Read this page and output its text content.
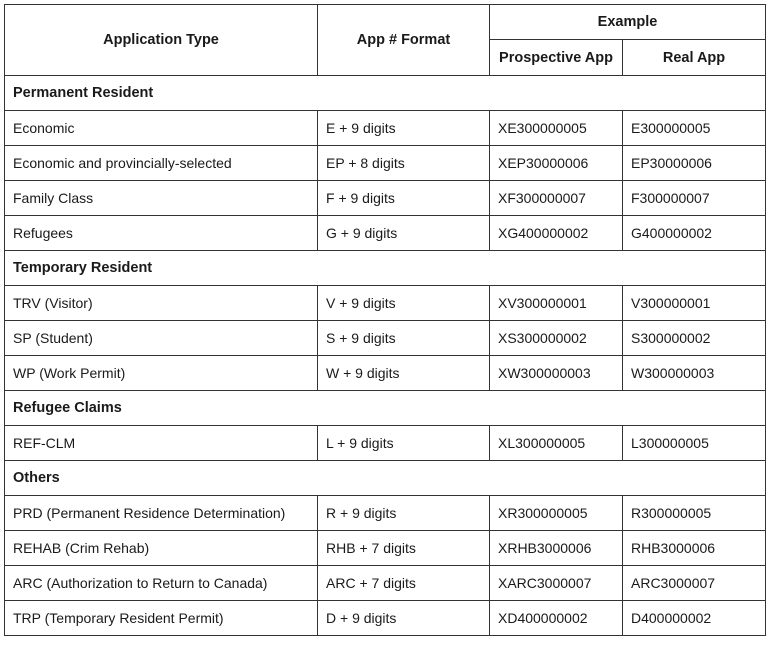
Application Type	App # Format	Example	
		Prospective App	Real App
Permanent Resident			
Economic	E + 9 digits	XE300000005	E300000005
Economic and provincially-selected	EP + 8 digits	XEP30000006	EP30000006
Family Class	F + 9 digits	XF300000007	F300000007
Refugees	G + 9 digits	XG400000002	G400000002
Temporary Resident			
TRV (Visitor)	V + 9 digits	XV300000001	V300000001
SP (Student)	S + 9 digits	XS300000002	S300000002
WP (Work Permit)	W + 9 digits	XW300000003	W300000003
Refugee Claims			
REF-CLM	L + 9 digits	XL300000005	L300000005
Others			
PRD (Permanent Residence Determination)	R + 9 digits	XR300000005	R300000005
REHAB (Crim Rehab)	RHB + 7 digits	XRHB3000006	RHB3000006
ARC (Authorization to Return to Canada)	ARC + 7 digits	XARC3000007	ARC3000007
TRP (Temporary Resident Permit)	D + 9 digits	XD400000002	D400000002
